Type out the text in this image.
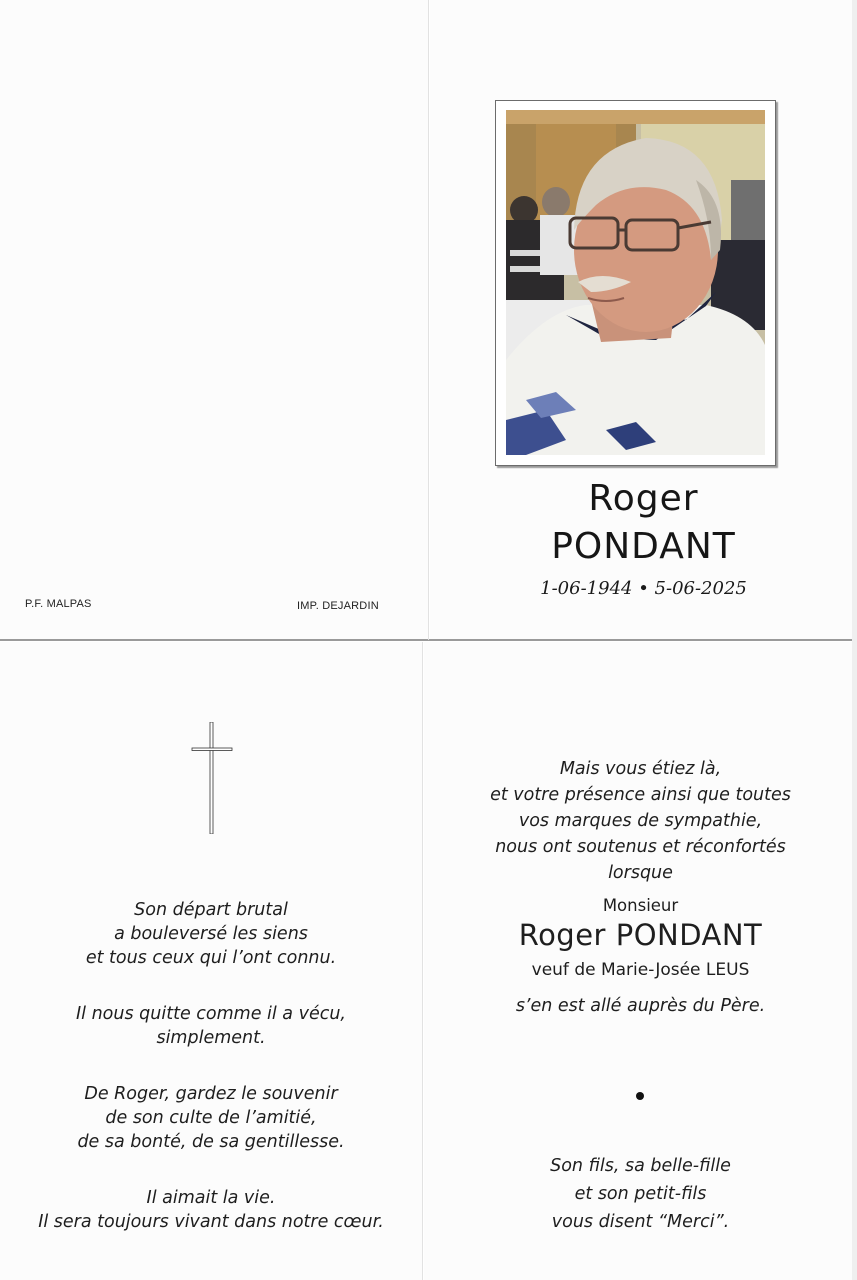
P.F. MALPAS	IMP. DEJARDIN
Roger
PONDANT
1-06-1944 • 5-06-2025
Son départ brutal
a bouleversé les siens
et tous ceux qui l’ont connu.
Il nous quitte comme il a vécu,
simplement.
De Roger, gardez le souvenir
de son culte de l’amitié,
de sa bonté, de sa gentillesse.
Il aimait la vie.
Il sera toujours vivant dans notre cœur.
Mais vous étiez là,
et votre présence ainsi que toutes
vos marques de sympathie,
nous ont soutenus et réconfortés
lorsque
Monsieur
Roger PONDANT
veuf de Marie-Josée LEUS
s’en est allé auprès du Père.
Son fils, sa belle-fille
et son petit-fils
vous disent “Merci”.
